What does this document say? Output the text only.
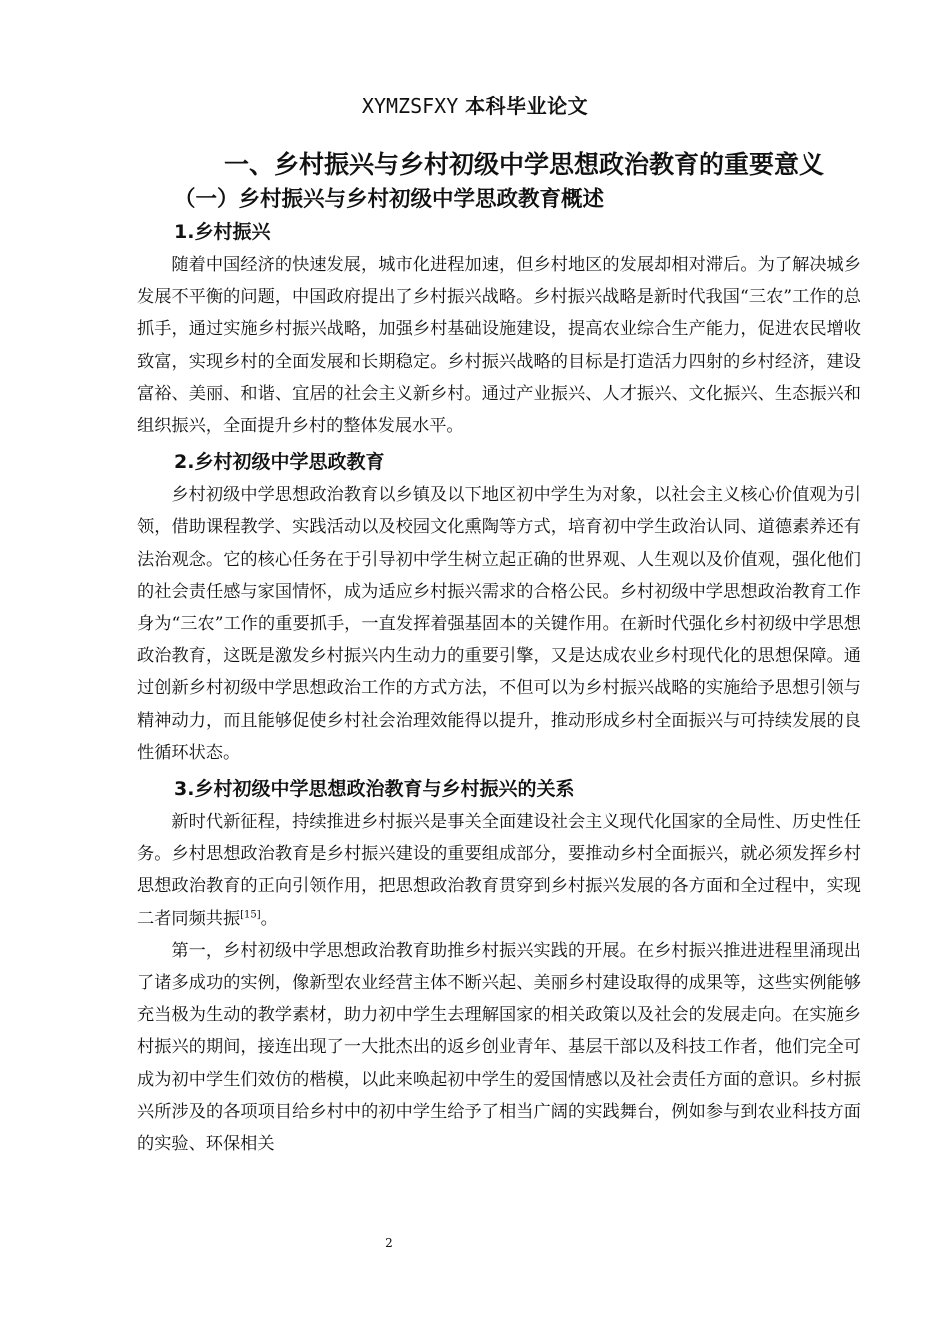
XYMZSFXY 本科毕业论文
一、乡村振兴与乡村初级中学思想政治教育的重要意义
（一）乡村振兴与乡村初级中学思政教育概述
1.乡村振兴

随着中国经济的快速发展，城市化进程加速，但乡村地区的发展却相对滞后。为了解决城乡发展不平衡的问题，中国政府提出了乡村振兴战略。乡村振兴战略是新时代我国“三农”工作的总抓手，通过实施乡村振兴战略，加强乡村基础设施建设，提高农业综合生产能力，促进农民增收致富，实现乡村的全面发展和长期稳定。乡村振兴战略的目标是打造活力四射的乡村经济，建设富裕、美丽、和谐、宜居的社会主义新乡村。通过产业振兴、人才振兴、文化振兴、生态振兴和组织振兴，全面提升乡村的整体发展水平。

2.乡村初级中学思政教育

乡村初级中学思想政治教育以乡镇及以下地区初中学生为对象，以社会主义核心价值观为引领，借助课程教学、实践活动以及校园文化熏陶等方式，培育初中学生政治认同、道德素养还有法治观念。它的核心任务在于引导初中学生树立起正确的世界观、人生观以及价值观，强化他们的社会责任感与家国情怀，成为适应乡村振兴需求的合格公民。乡村初级中学思想政治教育工作身为“三农”工作的重要抓手，一直发挥着强基固本的关键作用。在新时代强化乡村初级中学思想政治教育，这既是激发乡村振兴内生动力的重要引擎，又是达成农业乡村现代化的思想保障。通过创新乡村初级中学思想政治工作的方式方法，不但可以为乡村振兴战略的实施给予思想引领与精神动力，而且能够促使乡村社会治理效能得以提升，推动形成乡村全面振兴与可持续发展的良性循环状态。

3.乡村初级中学思想政治教育与乡村振兴的关系

新时代新征程，持续推进乡村振兴是事关全面建设社会主义现代化国家的全局性、历史性任务。乡村思想政治教育是乡村振兴建设的重要组成部分，要推动乡村全面振兴，就必须发挥乡村思想政治教育的正向引领作用，把思想政治教育贯穿到乡村振兴发展的各方面和全过程中，实现二者同频共振[15]。

第一，乡村初级中学思想政治教育助推乡村振兴实践的开展。在乡村振兴推进进程里涌现出了诸多成功的实例，像新型农业经营主体不断兴起、美丽乡村建设取得的成果等，这些实例能够充当极为生动的教学素材，助力初中学生去理解国家的相关政策以及社会的发展走向。在实施乡村振兴的期间，接连出现了一大批杰出的返乡创业青年、基层干部以及科技工作者，他们完全可成为初中学生们效仿的楷模，以此来唤起初中学生的爱国情感以及社会责任方面的意识。乡村振兴所涉及的各项项目给乡村中的初中学生给予了相当广阔的实践舞台，例如参与到农业科技方面的实验、环保相关

2
